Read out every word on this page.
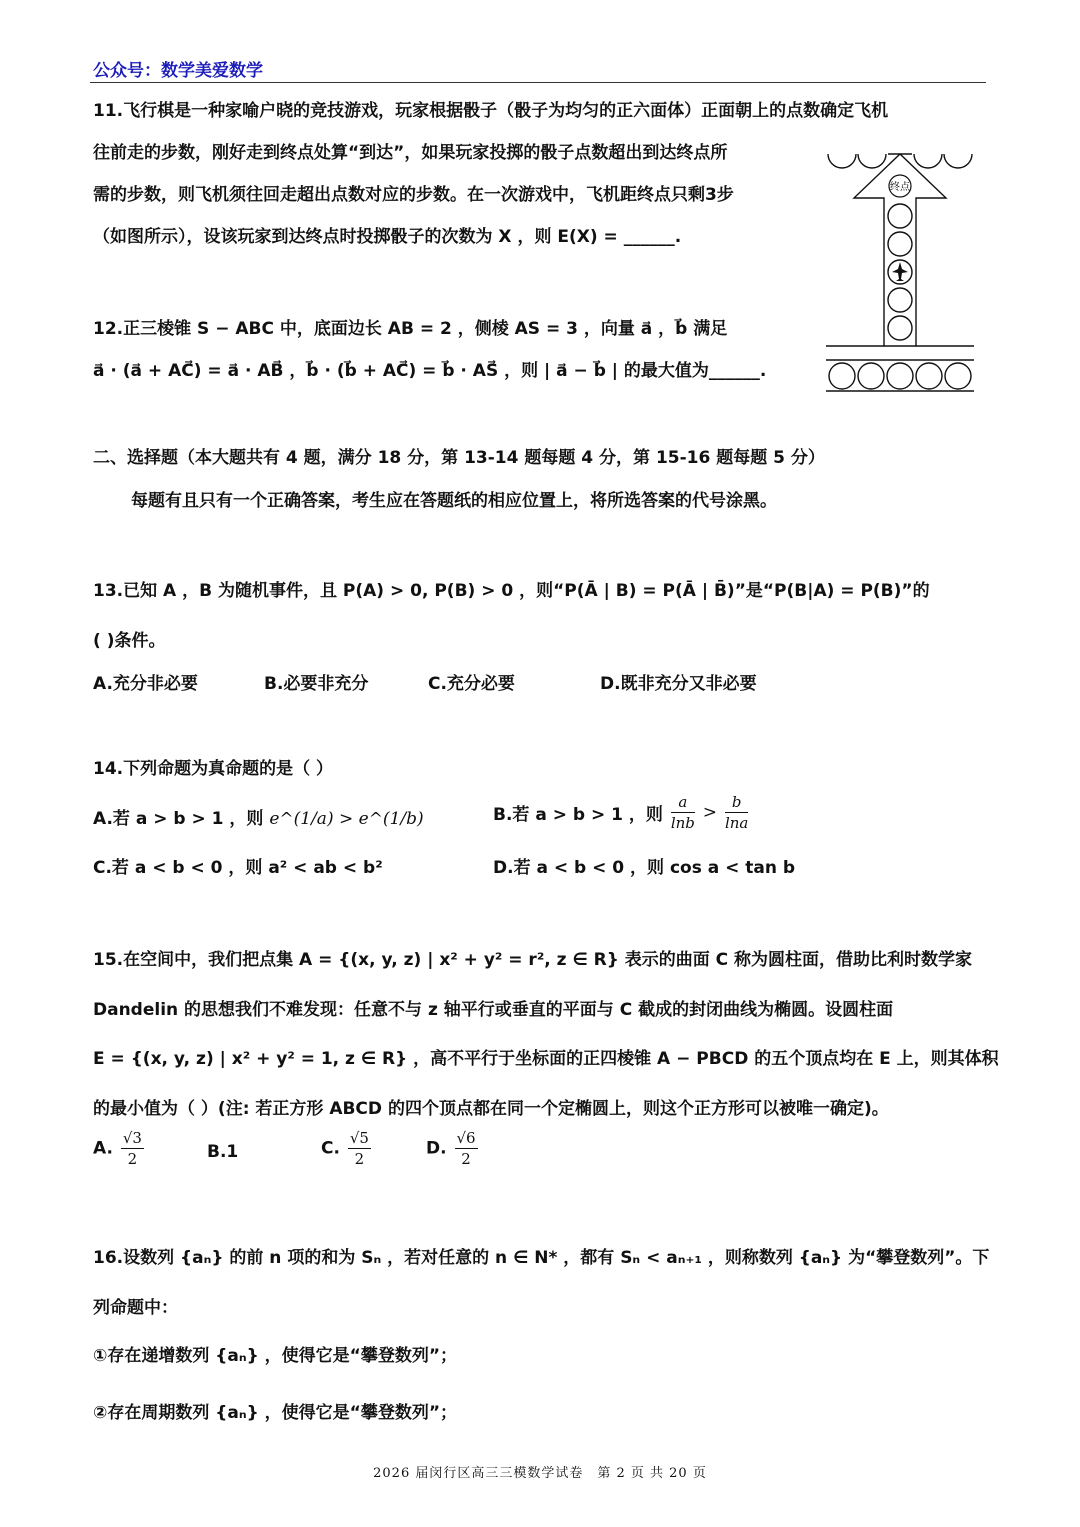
公众号：数学美爱数学
11.飞行棋是一种家喻户晓的竞技游戏，玩家根据骰子（骰子为均匀的正六面体）正面朝上的点数确定飞机
往前走的步数，刚好走到终点处算“到达”，如果玩家投掷的骰子点数超出到达终点所
需的步数，则飞机须往回走超出点数对应的步数。在一次游戏中，飞机距终点只剩3步
（如图所示），设该玩家到达终点时投掷骰子的次数为 X ，则 E(X) = ______.
终点
12.正三棱锥 S − ABC 中，底面边长 AB = 2 ，侧棱 AS = 3 ，向量 a⃗ ，b⃗ 满足
a⃗ · (a⃗ + AC⃗) = a⃗ · AB⃗ ，b⃗ · (b⃗ + AC⃗) = b⃗ · AS⃗ ，则 | a⃗ − b⃗ | 的最大值为______.
二、选择题（本大题共有 4 题，满分 18 分，第 13-14 题每题 4 分，第 15-16 题每题 5 分）
每题有且只有一个正确答案，考生应在答题纸的相应位置上，将所选答案的代号涂黑。
13.已知 A ，B 为随机事件，且 P(A) > 0, P(B) > 0 ，则“P(Ā | B) = P(Ā | B̄)”是“P(B|A) = P(B)”的
( )条件。
A.充分非必要	B.必要非充分	C.充分必要	D.既非充分又非必要
14.下列命题为真命题的是（ ）
A.若 a > b > 1 ，则 e^(1/a) > e^(1/b)	B.若 a > b > 1 ，则 $\frac{a}{\ln b} > \frac{b}{\ln a}$
C.若 a < b < 0 ，则 a² < ab < b²	D.若 a < b < 0 ，则 cos a < tan b
15.在空间中，我们把点集 A = {(x, y, z) | x² + y² = r², z ∈ R} 表示的曲面 C 称为圆柱面，借助比利时数学家
Dandelin 的思想我们不难发现：任意不与 z 轴平行或垂直的平面与 C 截成的封闭曲线为椭圆。设圆柱面
E = {(x, y, z) | x² + y² = 1, z ∈ R} ，高不平行于坐标面的正四棱锥 A − PBCD 的五个顶点均在 E 上，则其体积
的最小值为（ ）(注: 若正方形 ABCD 的四个顶点都在同一个定椭圆上，则这个正方形可以被唯一确定)。
A. $\frac{√3}{2}$	B.1	C. $\frac{√5}{2}$	D. $\frac{√6}{2}$
16.设数列 {aₙ} 的前 n 项的和为 Sₙ ，若对任意的 n ∈ N* ，都有 Sₙ < aₙ₊₁ ，则称数列 {aₙ} 为“攀登数列”。下
列命题中：
①存在递增数列 {aₙ} ，使得它是“攀登数列”；
②存在周期数列 {aₙ} ，使得它是“攀登数列”；
2026 届闵行区高三三模数学试卷　第 2 页 共 20 页
